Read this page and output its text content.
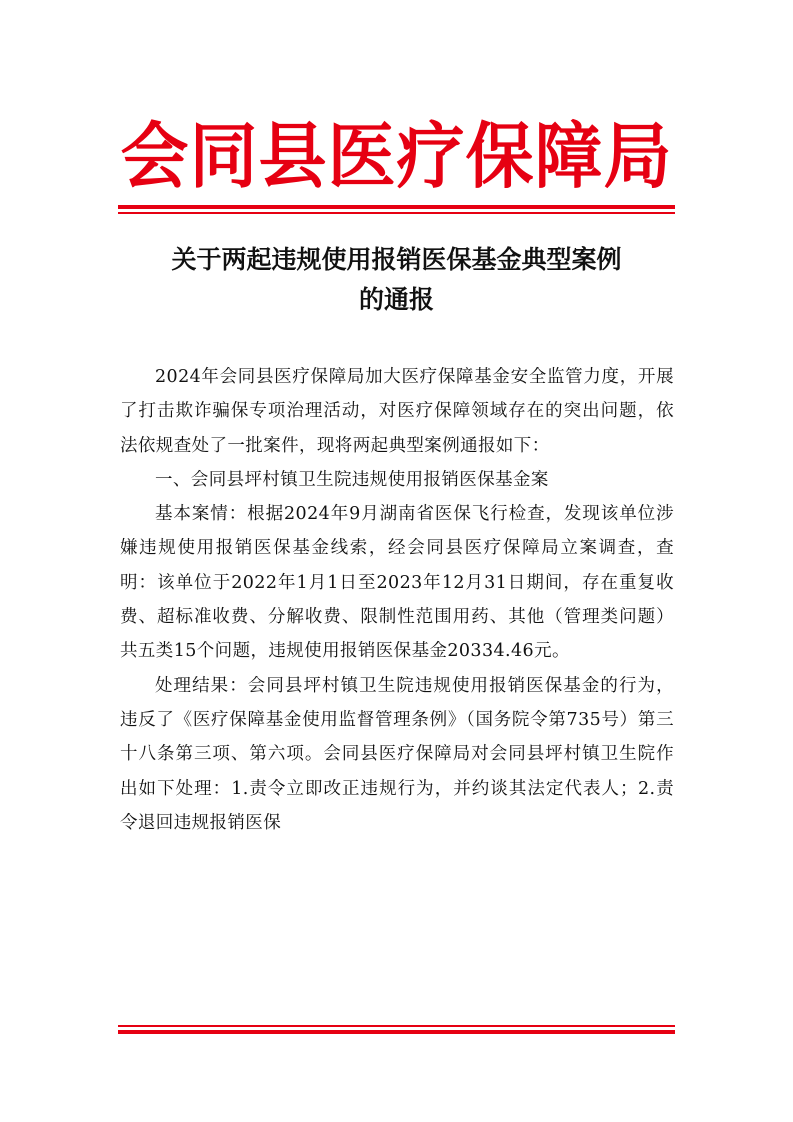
会同县医疗保障局
关于两起违规使用报销医保基金典型案例
的通报

2024年会同县医疗保障局加大医疗保障基金安全监管力度，开展了打击欺诈骗保专项治理活动，对医疗保障领域存在的突出问题，依法依规查处了一批案件，现将两起典型案例通报如下：

一、会同县坪村镇卫生院违规使用报销医保基金案

基本案情：根据2024年9月湖南省医保飞行检查，发现该单位涉嫌违规使用报销医保基金线索，经会同县医疗保障局立案调查，查明：该单位于2022年1月1日至2023年12月31日期间，存在重复收费、超标准收费、分解收费、限制性范围用药、其他（管理类问题）共五类15个问题，违规使用报销医保基金20334.46元。

处理结果：会同县坪村镇卫生院违规使用报销医保基金的行为，违反了《医疗保障基金使用监督管理条例》（国务院令第735号）第三十八条第三项、第六项。会同县医疗保障局对会同县坪村镇卫生院作出如下处理：1.责令立即改正违规行为，并约谈其法定代表人；2.责令退回违规报销医保
